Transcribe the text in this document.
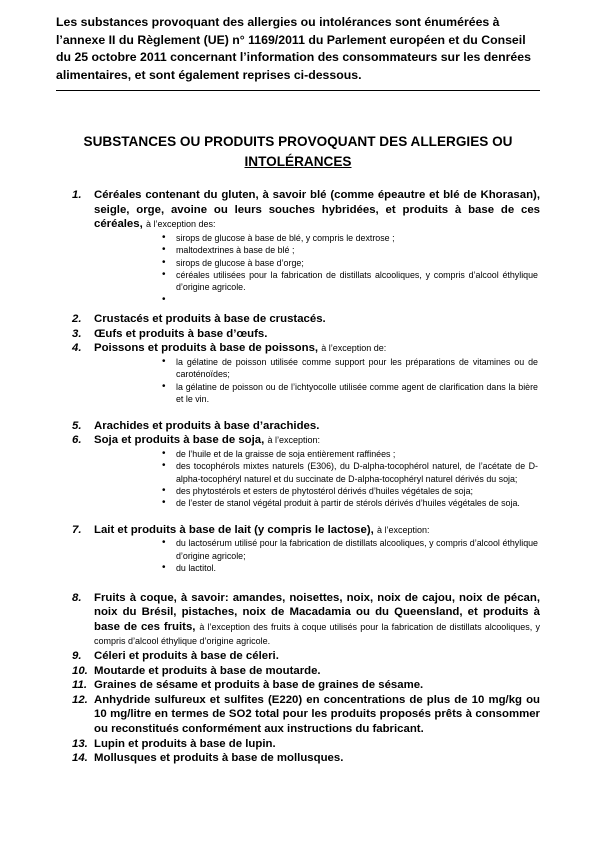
Les substances provoquant des allergies ou intolérances sont énumérées à l’annexe II du Règlement (UE) n° 1169/2011 du Parlement européen et du Conseil du 25 octobre 2011 concernant l’information des consommateurs sur les denrées alimentaires, et sont également reprises ci-dessous.
SUBSTANCES OU PRODUITS PROVOQUANT DES ALLERGIES OU
INTOLÉRANCES
1.	Céréales contenant du gluten, à savoir blé (comme épeautre et blé de Khorasan), seigle, orge, avoine ou leurs souches hybridées, et produits à base de ces céréales, à l’exception des:
• sirops de glucose à base de blé, y compris le dextrose ;
• maltodextrines à base de blé ;
• sirops de glucose à base d’orge;
• céréales utilisées pour la fabrication de distillats alcooliques, y compris d’alcool éthylique d’origine agricole.
•
2.	Crustacés et produits à base de crustacés.
3.	Œufs et produits à base d’œufs.
4.	Poissons et produits à base de poissons, à l’exception de:
• la gélatine de poisson utilisée comme support pour les préparations de vitamines ou de caroténoïdes;
• la gélatine de poisson ou de l’ichtyocolle utilisée comme agent de clarification dans la bière et le vin.
5.	Arachides et produits à base d’arachides.
6.	Soja et produits à base de soja, à l’exception:
• de l’huile et de la graisse de soja entièrement raffinées ;
• des tocophérols mixtes naturels (E306), du D-alpha-tocophérol naturel, de l’acétate de D-alpha-tocophéryl naturel et du succinate de D-alpha-tocophéryl naturel dérivés du soja;
• des phytostérols et esters de phytostérol dérivés d’huiles végétales de soja;
• de l’ester de stanol végétal produit à partir de stérols dérivés d’huiles végétales de soja.
7.	Lait et produits à base de lait (y compris le lactose), à l’exception:
• du lactosérum utilisé pour la fabrication de distillats alcooliques, y compris d’alcool éthylique d’origine agricole;
• du lactitol.
8.	Fruits à coque, à savoir: amandes, noisettes, noix, noix de cajou, noix de pécan, noix du Brésil, pistaches, noix de Macadamia ou du Queensland, et produits à base de ces fruits, à l’exception des fruits à coque utilisés pour la fabrication de distillats alcooliques, y compris d’alcool éthylique d’origine agricole.
9.	Céleri et produits à base de céleri.
10. Moutarde et produits à base de moutarde.
11. Graines de sésame et produits à base de graines de sésame.
12. Anhydride sulfureux et sulfites (E220) en concentrations de plus de 10 mg/kg ou 10 mg/litre en termes de SO2 total pour les produits proposés prêts à consommer ou reconstitués conformément aux instructions du fabricant.
13. Lupin et produits à base de lupin.
14. Mollusques et produits à base de mollusques.
